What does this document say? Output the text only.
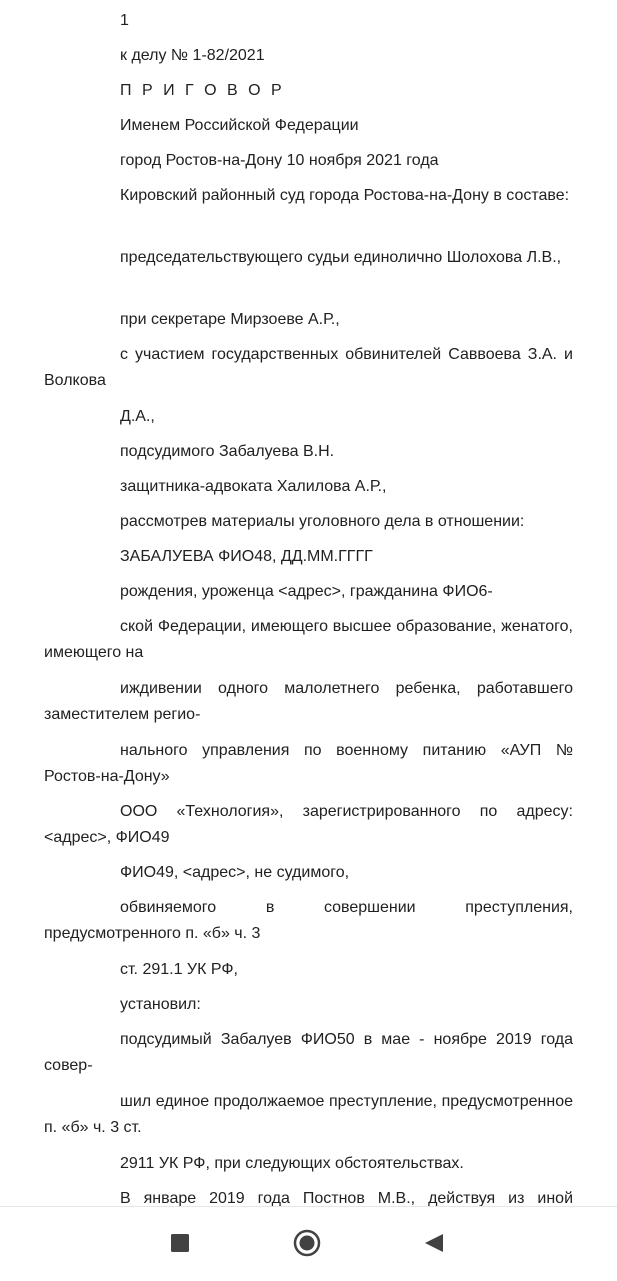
1

к делу № 1-82/2021

П Р И Г О В О Р

Именем Российской Федерации

город Ростов-на-Дону 10 ноября 2021 года

Кировский районный суд города Ростова-на-Дону в составе:

председательствующего судьи единолично Шолохова Л.В.,

при секретаре Мирзоеве А.Р.,

с участием государственных обвинителей Саввоева З.А. и Волкова

Д.А.,

подсудимого Забалуева В.Н.

защитника-адвоката Халилова А.Р.,

рассмотрев материалы уголовного дела в отношении:

ЗАБАЛУЕВА ФИО48, ДД.ММ.ГГГГ

рождения, уроженца <адрес>, гражданина ФИО6-

ской Федерации, имеющего высшее образование, женатого, имеющего на

иждивении одного малолетнего ребенка, работавшего заместителем регио-

нального управления по военному питанию «АУП № Ростов-на-Дону»

ООО «Технология», зарегистрированного по адресу: <адрес>, ФИО49

ФИО49, <адрес>, не судимого,

обвиняемого в совершении преступления, предусмотренного п. «б» ч. 3

ст. 291.1 УК РФ,

установил:

подсудимый Забалуев ФИО50 в мае - ноябре 2019 года совер-

шил единое продолжаемое преступление, предусмотренное п. «б» ч. 3 ст.

2911 УК РФ, при следующих обстоятельствах.

В январе 2019 года Постнов М.В., действуя из иной
